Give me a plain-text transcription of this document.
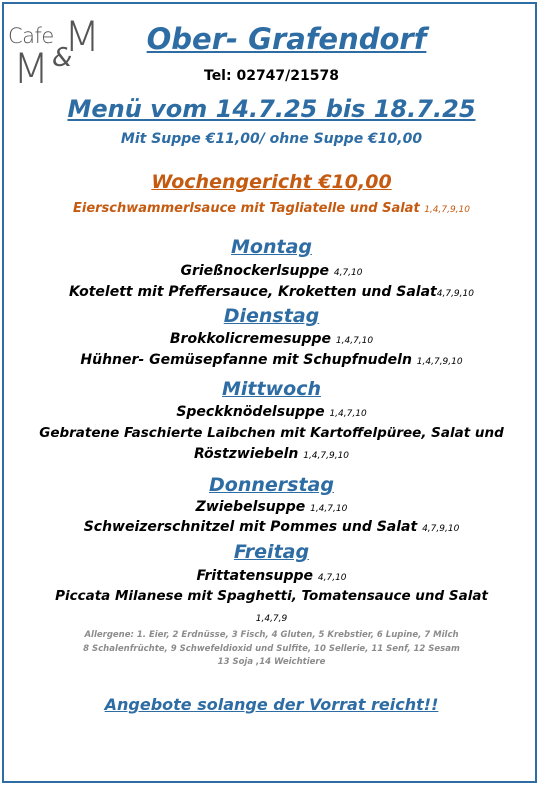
Cafe M
M &
Ober- Grafendorf
Tel: 02747/21578
Menü vom 14.7.25 bis 18.7.25
Mit Suppe €11,00/ ohne Suppe €10,00
Wochengericht €10,00
Eierschwammerlsauce mit Tagliatelle und Salat 1,4,7,9,10
Montag
Grießnockerlsuppe 4,7,10
Kotelett mit Pfeffersauce, Kroketten und Salat4,7,9,10
Dienstag
Brokkolicremesuppe 1,4,7,10
Hühner- Gemüsepfanne mit Schupfnudeln 1,4,7,9,10
Mittwoch
Speckknödelsuppe 1,4,7,10
Gebratene Faschierte Laibchen mit Kartoffelpüree, Salat und
Röstzwiebeln 1,4,7,9,10
Donnerstag
Zwiebelsuppe 1,4,7,10
Schweizerschnitzel mit Pommes und Salat 4,7,9,10
Freitag
Frittatensuppe 4,7,10
Piccata Milanese mit Spaghetti, Tomatensauce und Salat
1,4,7,9
Allergene: 1. Eier, 2 Erdnüsse, 3 Fisch, 4 Gluten, 5 Krebstier, 6 Lupine, 7 Milch
8 Schalenfrüchte, 9 Schwefeldioxid und Sulfite, 10 Sellerie, 11 Senf, 12 Sesam
13 Soja ,14 Weichtiere
Angebote solange der Vorrat reicht!!
